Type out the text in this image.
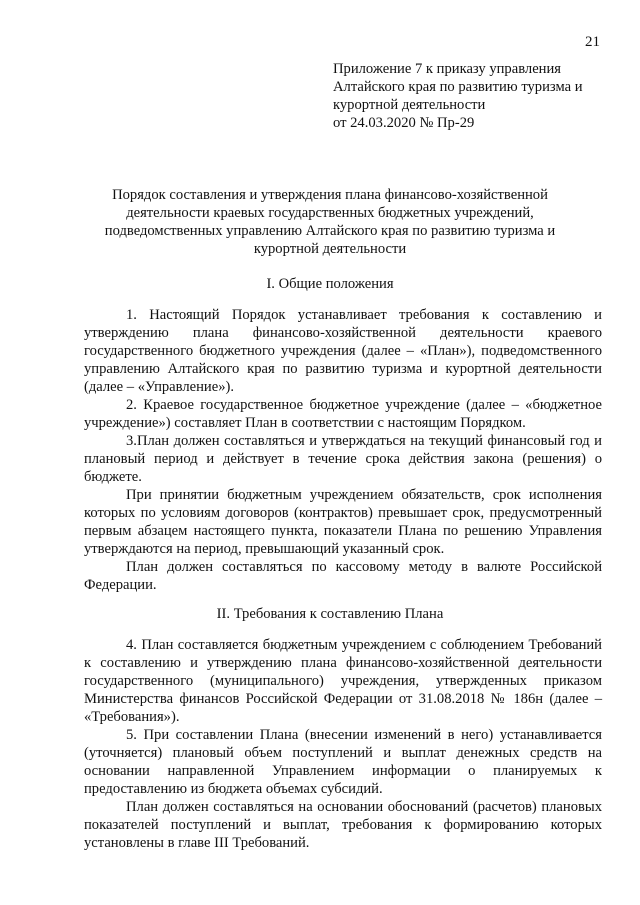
21
Приложение 7 к приказу управления
Алтайского края по развитию туризма и
курортной деятельности
от 24.03.2020 № Пр-29
Порядок составления и утверждения плана финансово-хозяйственной деятельности краевых государственных бюджетных учреждений, подведомственных управлению Алтайского края по развитию туризма и курортной деятельности
I. Общие положения

1. Настоящий Порядок устанавливает требования к составлению и утверждению плана финансово-хозяйственной деятельности краевого государственного бюджетного учреждения (далее – «План»), подведомственного управлению Алтайского края по развитию туризма и курортной деятельности (далее – «Управление»).

2. Краевое государственное бюджетное учреждение (далее – «бюджетное учреждение») составляет План в соответствии с настоящим Порядком.

3.План должен составляться и утверждаться на текущий финансовый год и плановый период и действует в течение срока действия закона (решения) о бюджете.

При принятии бюджетным учреждением обязательств, срок исполнения которых по условиям договоров (контрактов) превышает срок, предусмотренный первым абзацем настоящего пункта, показатели Плана по решению Управления утверждаются на период, превышающий указанный срок.

План должен составляться по кассовому методу в валюте Российской Федерации.

II. Требования к составлению Плана

4. План составляется бюджетным учреждением с соблюдением Требований к составлению и утверждению плана финансово-хозяйственной деятельности государственного (муниципального) учреждения, утвержденных приказом Министерства финансов Российской Федерации от 31.08.2018 № 186н (далее – «Требования»).

5. При составлении Плана (внесении изменений в него) устанавливается (уточняется) плановый объем поступлений и выплат денежных средств на основании направленной Управлением информации о планируемых к предоставлению из бюджета объемах субсидий.

План должен составляться на основании обоснований (расчетов) плановых показателей поступлений и выплат, требования к формированию которых установлены в главе III Требований.
